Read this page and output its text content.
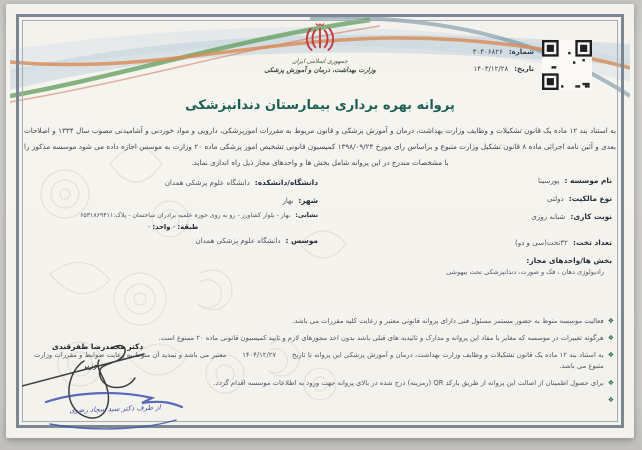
جمهوری اسلامی ایران
وزارت بهداشت، درمان و آموزش پزشکی
شماره:
۳۰۴۰۶۸۲۶
تاریخ:
۱۴۰۳/۱۲/۲۸
پروانه بهره برداری بیمارستان دندانپزشکی
به استناد بند ۱۲ ماده یک قانون تشکیلات و وظایف وزارت بهداشت، درمان و آموزش پزشکی و قانون مربوط به مقررات امورپزشکی، دارویی و مواد خوردنی و آشامیدنی مصوب سال ۱۳۳۴ و اصلاحات بعدی و آئین نامه اجرائی ماده ۸ قانون تشکیل وزارت متبوع و براساس رای مورخ ۱۳۹۸/۰۹/۲۴ کمیسیون قانونی تشخیص امور پزشکی ماده ۲۰ وزارت به موسس اجازه داده می شود موسسه مذکور را با مشخصات مندرج در این پروانه شامل بخش ها و واحدهای مجاز ذیل راه اندازی نماید.
نام موسسه :
پورسینا
نوع مالکیت:
دولتی
نوبت کاری:
شبانه روزی
تعداد تخت:
۳۲تخت(سی و دو)
بخش ها/واحدهای مجاز:
رادیولوژی دهان ، فک و صورت، دندانپزشکی تحت بیهوشی
دانشگاه/دانشکده:
دانشگاه علوم پزشکی همدان
شهر:
بهار
نشانی:
بهار - بلوار کشاورز - رو به روی حوزه علمیه برادران ساختمان - پلاک:۶۵۳۱۸۶۹۴۱۱
طبقه: - واحد: -
موسس :
دانشگاه علوم پزشکی همدان
❖
فعالیت موسسه منوط به حضور مستمر مسئول فنی دارای پروانه قانونی معتبر و رعایت کلیه مقررات می باشد.
❖
هرگونه تغییرات در موسسه که مغایر با مفاد این پروانه و مدارک و تائیدیه های قبلی باشد بدون اخذ مجوزهای لازم و تایید کمیسیون قانونی ماده ۲۰ ممنوع است.
❖
به استناد بند ۱۲ ماده یک قانون تشکیلات و وظایف وزارت بهداشت، درمان و آموزش پزشکی این پروانه تا تاریخ۱۴۰۴/۱۲/۲۷معتبر می باشد و تمدید آن منوط به رعایت ضوابط و مقررات وزارت متبوع می باشد.
❖
برای حصول اطمینان از اصالت این پروانه از طریق بارکد QR (رمزینه) درج شده در بالای پروانه جهت ورود به اطلاعات موسسه اقدام گردد.
❖
دکتر محمدرضا ظفرقندی
وزیر
از طرف دکتر سید سجاد رضوی
